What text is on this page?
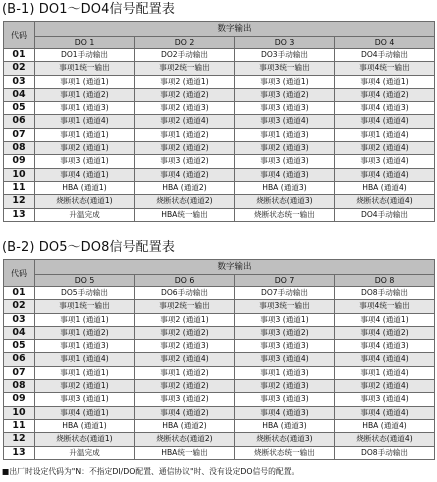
(B-1) DO1～DO4信号配置表
代码	数字输出			
	DO 1	DO 2	DO 3	DO 4
01	DO1手动输出	DO2手动输出	DO3手动输出	DO4手动输出
02	事项1统一输出	事项2统一输出	事项3统一输出	事项4统一输出
03	事项1 (通道1)	事项2 (通道1)	事项3 (通道1)	事项4 (通道1)
04	事项1 (通道2)	事项2 (通道2)	事项3 (通道2)	事项4 (通道2)
05	事项1 (通道3)	事项2 (通道3)	事项3 (通道3)	事项4 (通道3)
06	事项1 (通道4)	事项2 (通道4)	事项3 (通道4)	事项4 (通道4)
07	事项1 (通道1)	事项1 (通道2)	事项1 (通道3)	事项1 (通道4)
08	事项2 (通道1)	事项2 (通道2)	事项2 (通道3)	事项2 (通道4)
09	事项3 (通道1)	事项3 (通道2)	事项3 (通道3)	事项3 (通道4)
10	事项4 (通道1)	事项4 (通道2)	事项4 (通道3)	事项4 (通道4)
11	HBA (通道1)	HBA (通道2)	HBA (通道3)	HBA (通道4)
12	烧断状态(通道1)	烧断状态(通道2)	烧断状态(通道3)	烧断状态(通道4)
13	升温完成	HBA统一输出	烧断状态统一输出	DO4手动输出
(B-2) DO5～DO8信号配置表
代码	数字输出			
	DO 5	DO 6	DO 7	DO 8
01	DO5手动输出	DO6手动输出	DO7手动输出	DO8手动输出
02	事项1统一输出	事项2统一输出	事项3统一输出	事项4统一输出
03	事项1 (通道1)	事项2 (通道1)	事项3 (通道1)	事项4 (通道1)
04	事项1 (通道2)	事项2 (通道2)	事项3 (通道2)	事项4 (通道2)
05	事项1 (通道3)	事项2 (通道3)	事项3 (通道3)	事项4 (通道3)
06	事项1 (通道4)	事项2 (通道4)	事项3 (通道4)	事项4 (通道4)
07	事项1 (通道1)	事项1 (通道2)	事项1 (通道3)	事项1 (通道4)
08	事项2 (通道1)	事项2 (通道2)	事项2 (通道3)	事项2 (通道4)
09	事项3 (通道1)	事项3 (通道2)	事项3 (通道3)	事项3 (通道4)
10	事项4 (通道1)	事项4 (通道2)	事项4 (通道3)	事项4 (通道4)
11	HBA (通道1)	HBA (通道2)	HBA (通道3)	HBA (通道4)
12	烧断状态(通道1)	烧断状态(通道2)	烧断状态(通道3)	烧断状态(通道4)
13	升温完成	HBA统一输出	烧断状态统一输出	DO8手动输出
■出厂时设定代码为"N：不指定DI/DO配置、通信协议"时、没有设定DO信号的配置。
